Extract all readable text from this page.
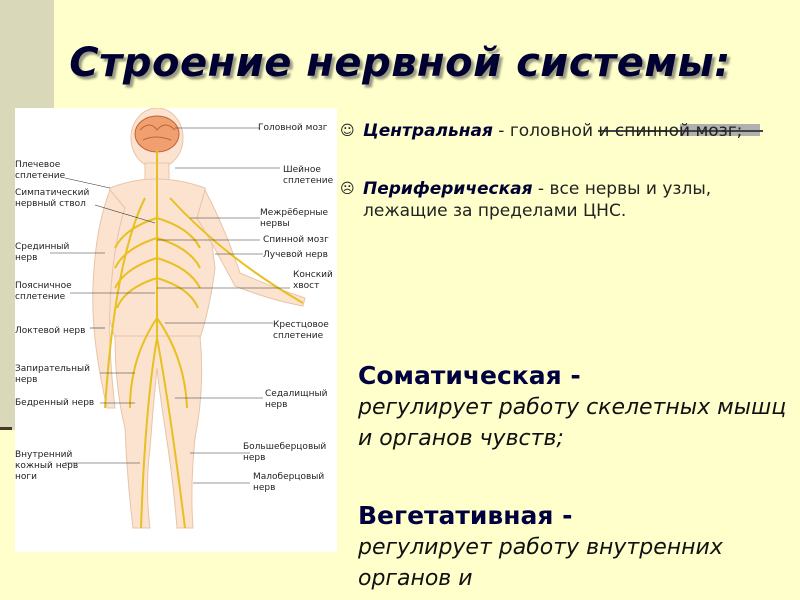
Строение нервной системы:
Плечевое сплетение
Симпатический нервный ствол
Срединный нерв
Поясничное сплетение
Локтевой нерв
Запирательный нерв
Бедренный нерв
Внутренний кожный нерв ноги
Головной мозг
Шейное сплетение
Межрёберные нервы
Спинной мозг
Лучевой нерв
Конский хвост
Крестцовое сплетение
Седалищный нерв
Большеберцовый нерв
Малоберцовый нерв
☺ Центральная - головной и спинной мозг;
☹ Периферическая - все нервы и узлы, лежащие за пределами ЦНС.
Соматическая -
регулирует работу скелетных мышц и органов чувств;
Вегетативная -
регулирует работу внутренних органов и
